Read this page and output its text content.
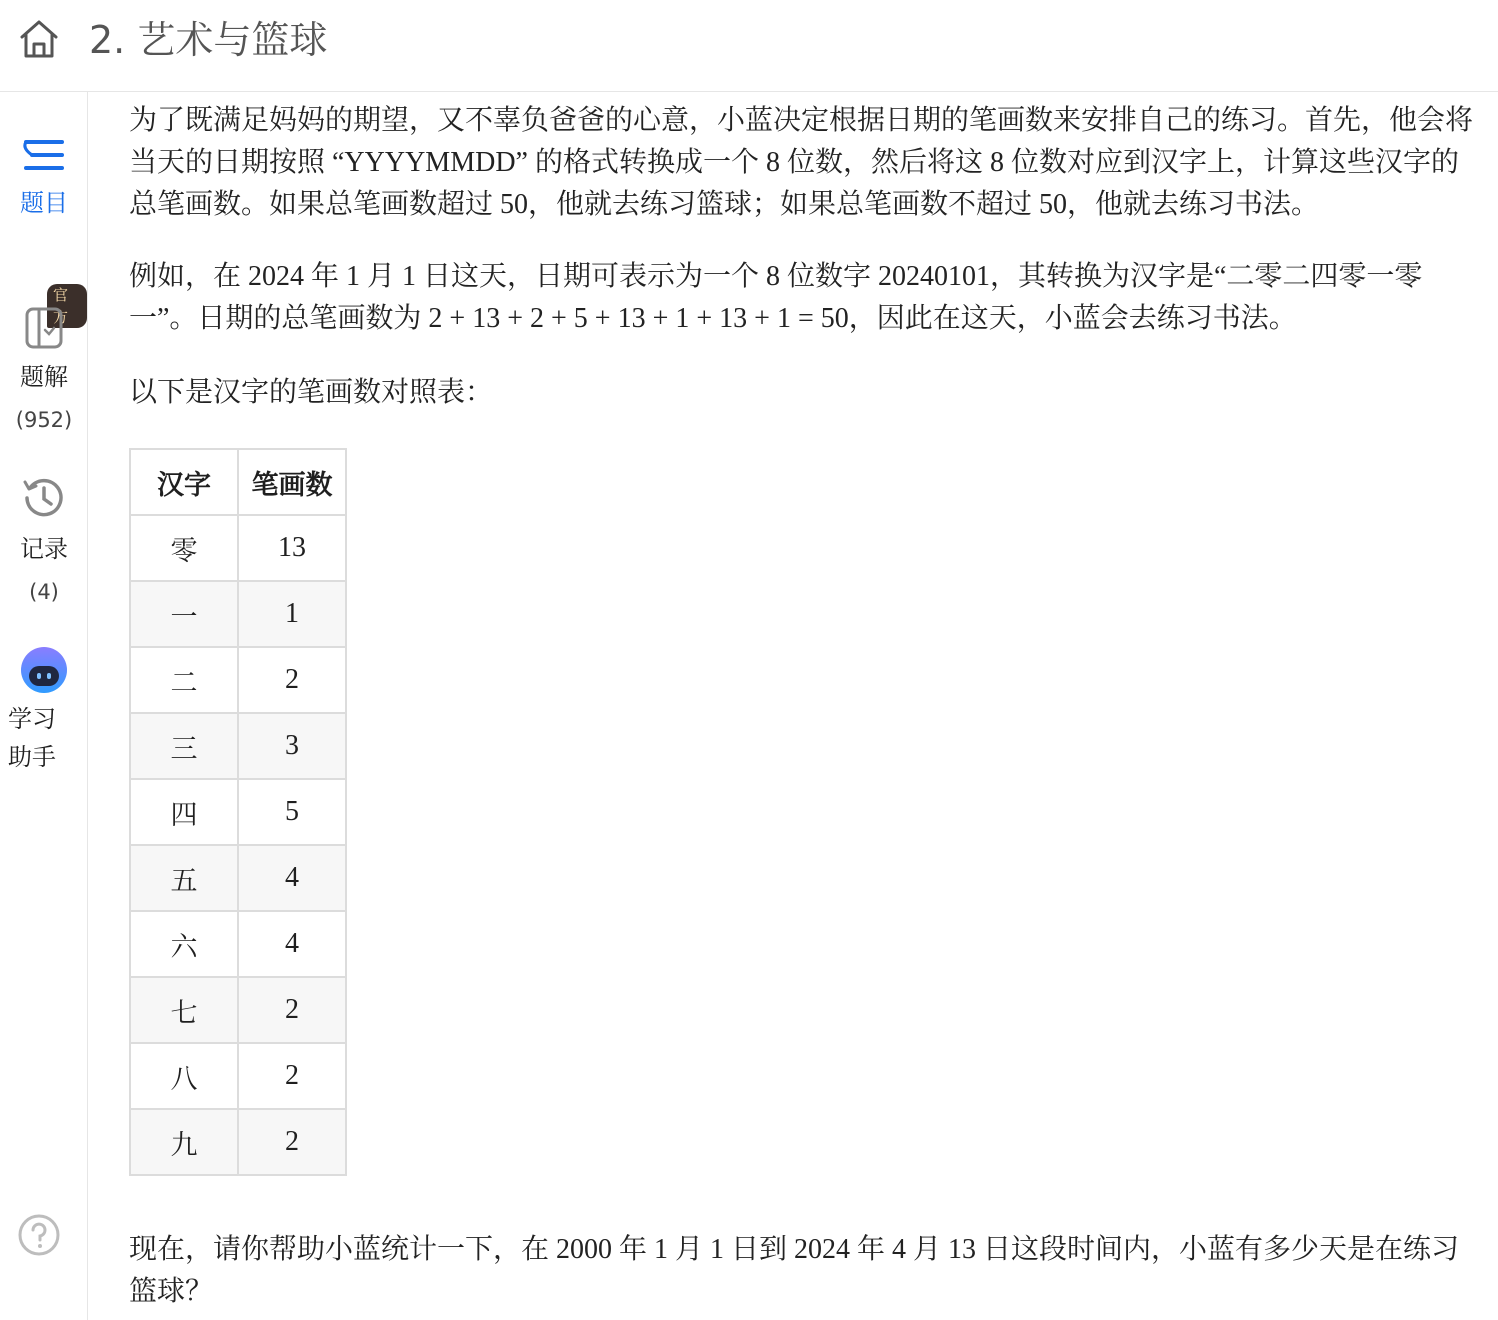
2. 艺术与篮球
题目
官方
题解
(952)
记录
(4)
学习
助手

为了既满足妈妈的期望，又不辜负爸爸的心意，小蓝决定根据日期的笔画数来安排自己的练习。首先，他会将当天的日期按照 “YYYYMMDD” 的格式转换成一个 8 位数，然后将这 8 位数对应到汉字上，计算这些汉字的总笔画数。如果总笔画数超过 50，他就去练习篮球；如果总笔画数不超过 50，他就去练习书法。

例如，在 2024 年 1 月 1 日这天，日期可表示为一个 8 位数字 20240101，其转换为汉字是“二零二四零一零一”。日期的总笔画数为 2 + 13 + 2 + 5 + 13 + 1 + 13 + 1 = 50，因此在这天，小蓝会去练习书法。

以下是汉字的笔画数对照表：

现在，请你帮助小蓝统计一下，在 2000 年 1 月 1 日到 2024 年 4 月 13 日这段时间内，小蓝有多少天是在练习篮球？

汉字	笔画数
零	13
一	1
二	2
三	3
四	5
五	4
六	4
七	2
八	2
九	2
